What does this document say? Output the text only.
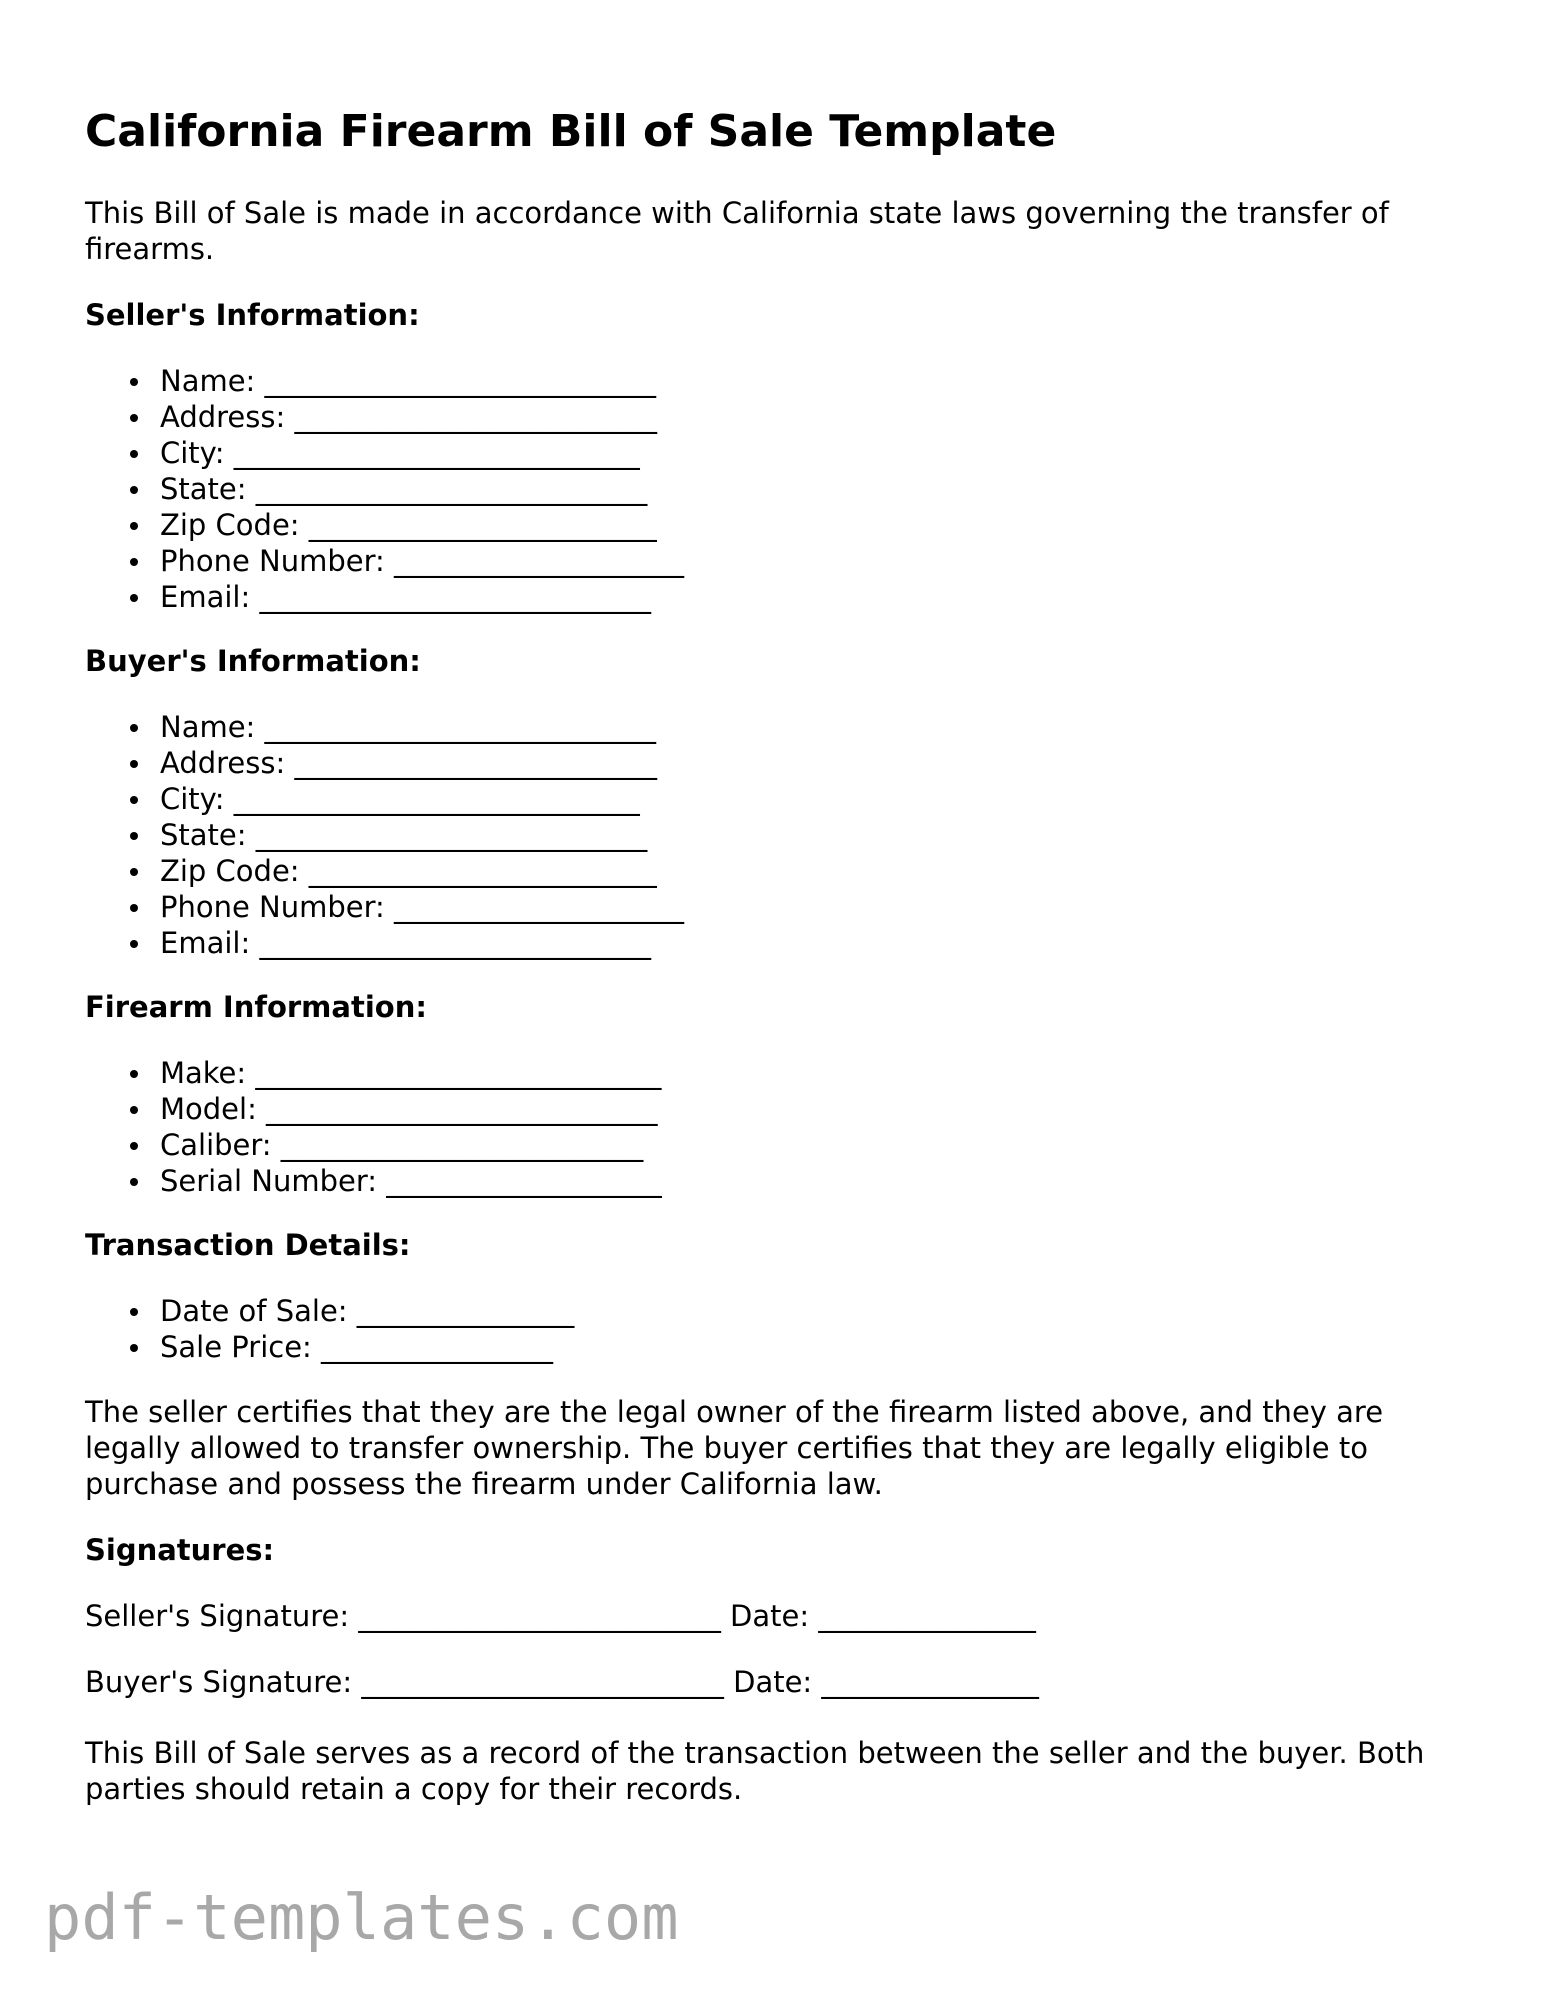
California Firearm Bill of Sale Template

This Bill of Sale is made in accordance with California state laws governing the transfer of firearms.

Seller's Information:
Name: ___________________________
Address: _________________________
City: ____________________________
State: ___________________________
Zip Code: ________________________
Phone Number: ____________________
Email: ___________________________
Buyer's Information:
Name: ___________________________
Address: _________________________
City: ____________________________
State: ___________________________
Zip Code: ________________________
Phone Number: ____________________
Email: ___________________________
Firearm Information:
Make: ____________________________
Model: ___________________________
Caliber: _________________________
Serial Number: ___________________
Transaction Details:
Date of Sale: _______________
Sale Price: ________________

The seller certifies that they are the legal owner of the firearm listed above, and they are legally allowed to transfer ownership. The buyer certifies that they are legally eligible to purchase and possess the firearm under California law.

Signatures:

Seller's Signature: _________________________ Date: _______________

Buyer's Signature: _________________________ Date: _______________

This Bill of Sale serves as a record of the transaction between the seller and the buyer. Both parties should retain a copy for their records.

pdf-templates.com
